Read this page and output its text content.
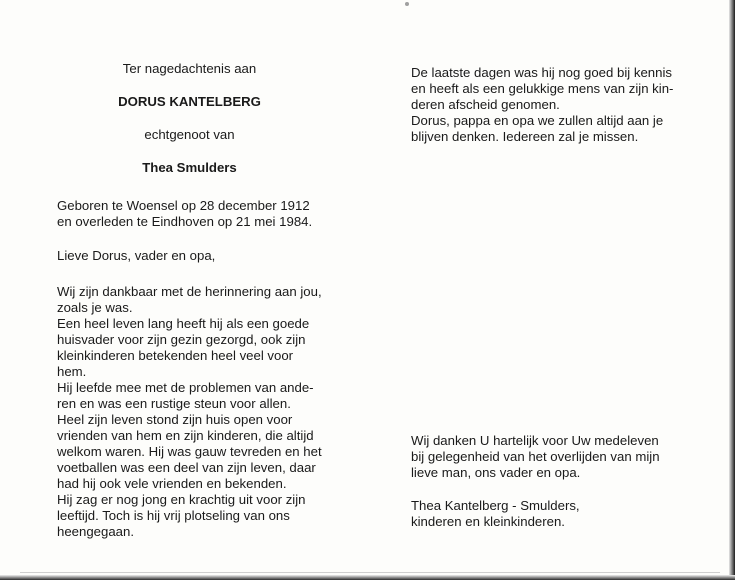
Ter nagedachtenis aan

DORUS KANTELBERG

echtgenoot van

Thea Smulders

Geboren te Woensel op 28 december 1912

en overleden te Eindhoven op 21 mei 1984.

Lieve Dorus, vader en opa,

Wij zijn dankbaar met de herinnering aan jou,

zoals je was.

Een heel leven lang heeft hij als een goede

huisvader voor zijn gezin gezorgd, ook zijn

kleinkinderen betekenden heel veel voor

hem.

Hij leefde mee met de problemen van ande-

ren en was een rustige steun voor allen.

Heel zijn leven stond zijn huis open voor

vrienden van hem en zijn kinderen, die altijd

welkom waren. Hij was gauw tevreden en het

voetballen was een deel van zijn leven, daar

had hij ook vele vrienden en bekenden.

Hij zag er nog jong en krachtig uit voor zijn

leeftijd. Toch is hij vrij plotseling van ons

heengegaan.

De laatste dagen was hij nog goed bij kennis

en heeft als een gelukkige mens van zijn kin-

deren afscheid genomen.

Dorus, pappa en opa we zullen altijd aan je

blijven denken. Iedereen zal je missen.

Wij danken U hartelijk voor Uw medeleven

bij gelegenheid van het overlijden van mijn

lieve man, ons vader en opa.

Thea Kantelberg - Smulders,

kinderen en kleinkinderen.
